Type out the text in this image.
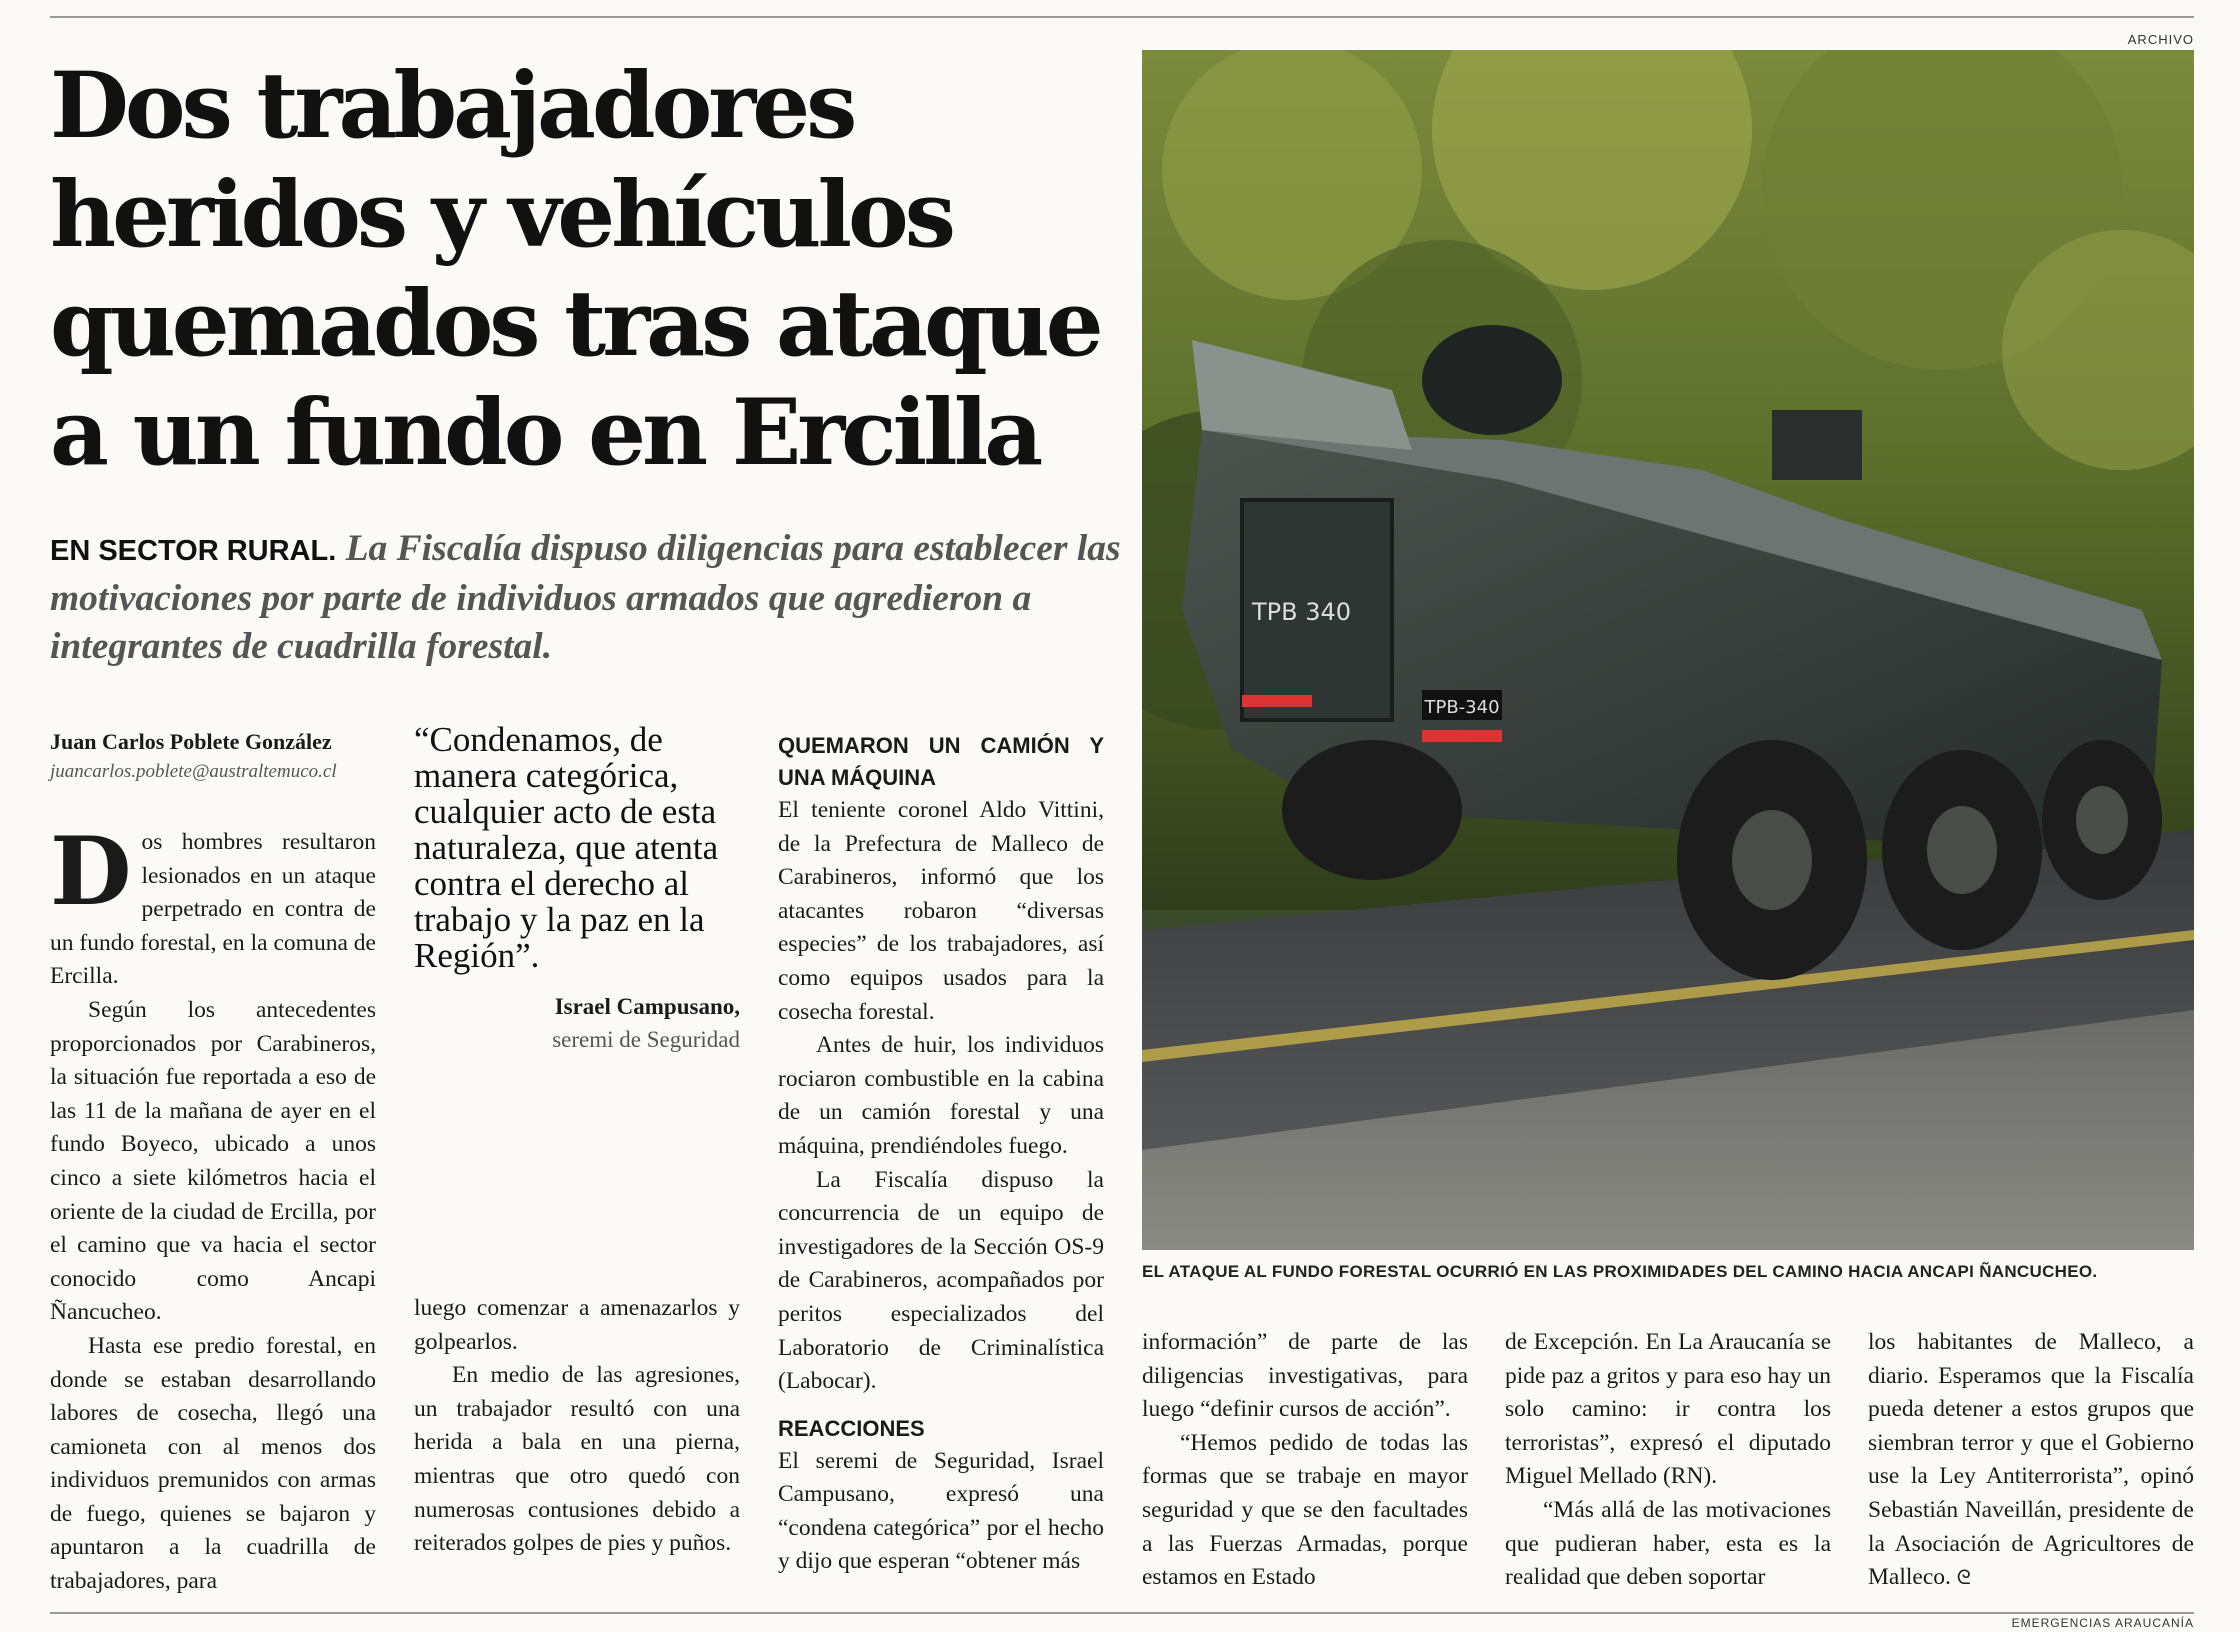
Dos trabajadores heridos y vehículos quemados tras ataque a un fundo en Ercilla
EN SECTOR RURAL. La Fiscalía dispuso diligencias para establecer las motivaciones por parte de individuos armados que agredieron a integrantes de cuadrilla forestal.
Juan Carlos Poblete González
juancarlos.poblete@australtemuco.cl

Dos hombres resultaron lesionados en un ataque perpetrado en contra de un fundo forestal, en la comuna de Ercilla.

Según los antecedentes proporcionados por Carabineros, la situación fue reportada a eso de las 11 de la mañana de ayer en el fundo Boyeco, ubicado a unos cinco a siete kilómetros hacia el oriente de la ciudad de Ercilla, por el camino que va hacia el sector conocido como Ancapi Ñancucheo.

Hasta ese predio forestal, en donde se estaban desarrollando labores de cosecha, llegó una camioneta con al menos dos individuos premunidos con armas de fuego, quienes se bajaron y apuntaron a la cuadrilla de trabajadores, para

“Condenamos, de manera categórica, cualquier acto de esta naturaleza, que atenta contra el derecho al trabajo y la paz en la Región”.
Israel Campusano,
seremi de Seguridad

luego comenzar a amenazarlos y golpearlos.

En medio de las agresiones, un trabajador resultó con una herida a bala en una pierna, mientras que otro quedó con numerosas contusiones debido a reiterados golpes de pies y puños.

QUEMARON UN CAMIÓN Y UNA MÁQUINA

El teniente coronel Aldo Vittini, de la Prefectura de Malleco de Carabineros, informó que los atacantes robaron “diversas especies” de los trabajadores, así como equipos usados para la cosecha forestal.

Antes de huir, los individuos rociaron combustible en la cabina de un camión forestal y una máquina, prendiéndoles fuego.

La Fiscalía dispuso la concurrencia de un equipo de investigadores de la Sección OS-9 de Carabineros, acompañados por peritos especializados del Laboratorio de Criminalística (Labocar).

REACCIONES

El seremi de Seguridad, Israel Campusano, expresó una “condena categórica” por el hecho y dijo que esperan “obtener más

ARCHIVO
TPB-340
TPB 340
EL ATAQUE AL FUNDO FORESTAL OCURRIÓ EN LAS PROXIMIDADES DEL CAMINO HACIA ANCAPI ÑANCUCHEO.

información” de parte de las diligencias investigativas, para luego “definir cursos de acción”.

“Hemos pedido de todas las formas que se trabaje en mayor seguridad y que se den facultades a las Fuerzas Armadas, porque estamos en Estado

de Excepción. En La Araucanía se pide paz a gritos y para eso hay un solo camino: ir contra los terroristas”, expresó el diputado Miguel Mellado (RN).

“Más allá de las motivaciones que pudieran haber, esta es la realidad que deben soportar

los habitantes de Malleco, a diario. Esperamos que la Fiscalía pueda detener a estos grupos que siembran terror y que el Gobierno use la Ley Antiterrorista”, opinó Sebastián Naveillán, presidente de la Asociación de Agricultores de Malleco. ᘓ

EMERGENCIAS ARAUCANÍA
